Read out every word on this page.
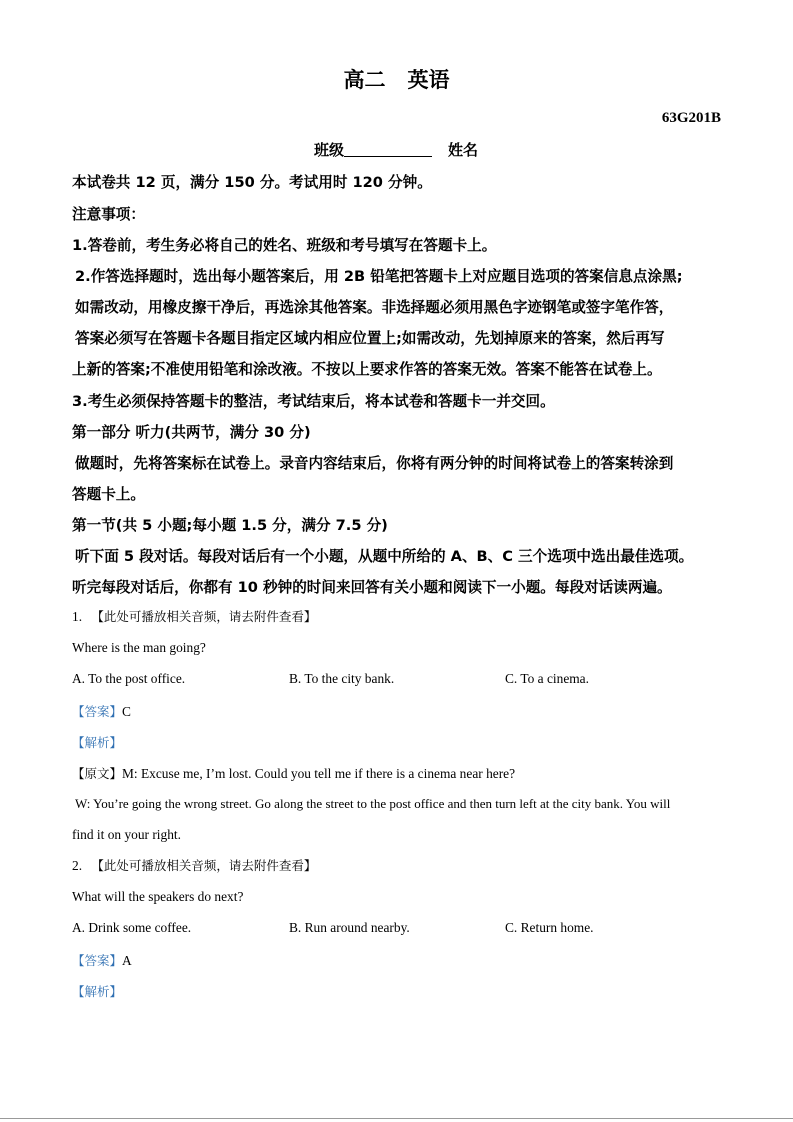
高二 英语
63G201B
班级	姓名
本试卷共 12 页，满分 150 分。考试用时 120 分钟。
注意事项：
1.答卷前，考生务必将自己的姓名、班级和考号填写在答题卡上。
2.作答选择题时，选出每小题答案后，用 2B 铅笔把答题卡上对应题目选项的答案信息点涂黑;
如需改动，用橡皮擦干净后，再选涂其他答案。非选择题必须用黑色字迹钢笔或签字笔作答，
答案必须写在答题卡各题目指定区域内相应位置上;如需改动，先划掉原来的答案，然后再写
上新的答案;不准使用铅笔和涂改液。不按以上要求作答的答案无效。答案不能答在试卷上。
3.考生必须保持答题卡的整洁，考试结束后，将本试卷和答题卡一并交回。
第一部分 听力(共两节，满分 30 分)
做题时，先将答案标在试卷上。录音内容结束后，你将有两分钟的时间将试卷上的答案转涂到
答题卡上。
第一节(共 5 小题;每小题 1.5 分，满分 7.5 分)
听下面 5 段对话。每段对话后有一个小题，从题中所给的 A、B、C 三个选项中选出最佳选项。
听完每段对话后，你都有 10 秒钟的时间来回答有关小题和阅读下一小题。每段对话读两遍。
1. 【此处可播放相关音频，请去附件查看】
Where is the man going?
A. To the post office.	B. To the city bank.	C. To a cinema.
【答案】C
【解析】
【原文】M: Excuse me, I’m lost. Could you tell me if there is a cinema near here?
W: You’re going the wrong street. Go along the street to the post office and then turn left at the city bank. You will
find it on your right.
2. 【此处可播放相关音频，请去附件查看】
What will the speakers do next?
A. Drink some coffee.	B. Run around nearby.	C. Return home.
【答案】A
【解析】
